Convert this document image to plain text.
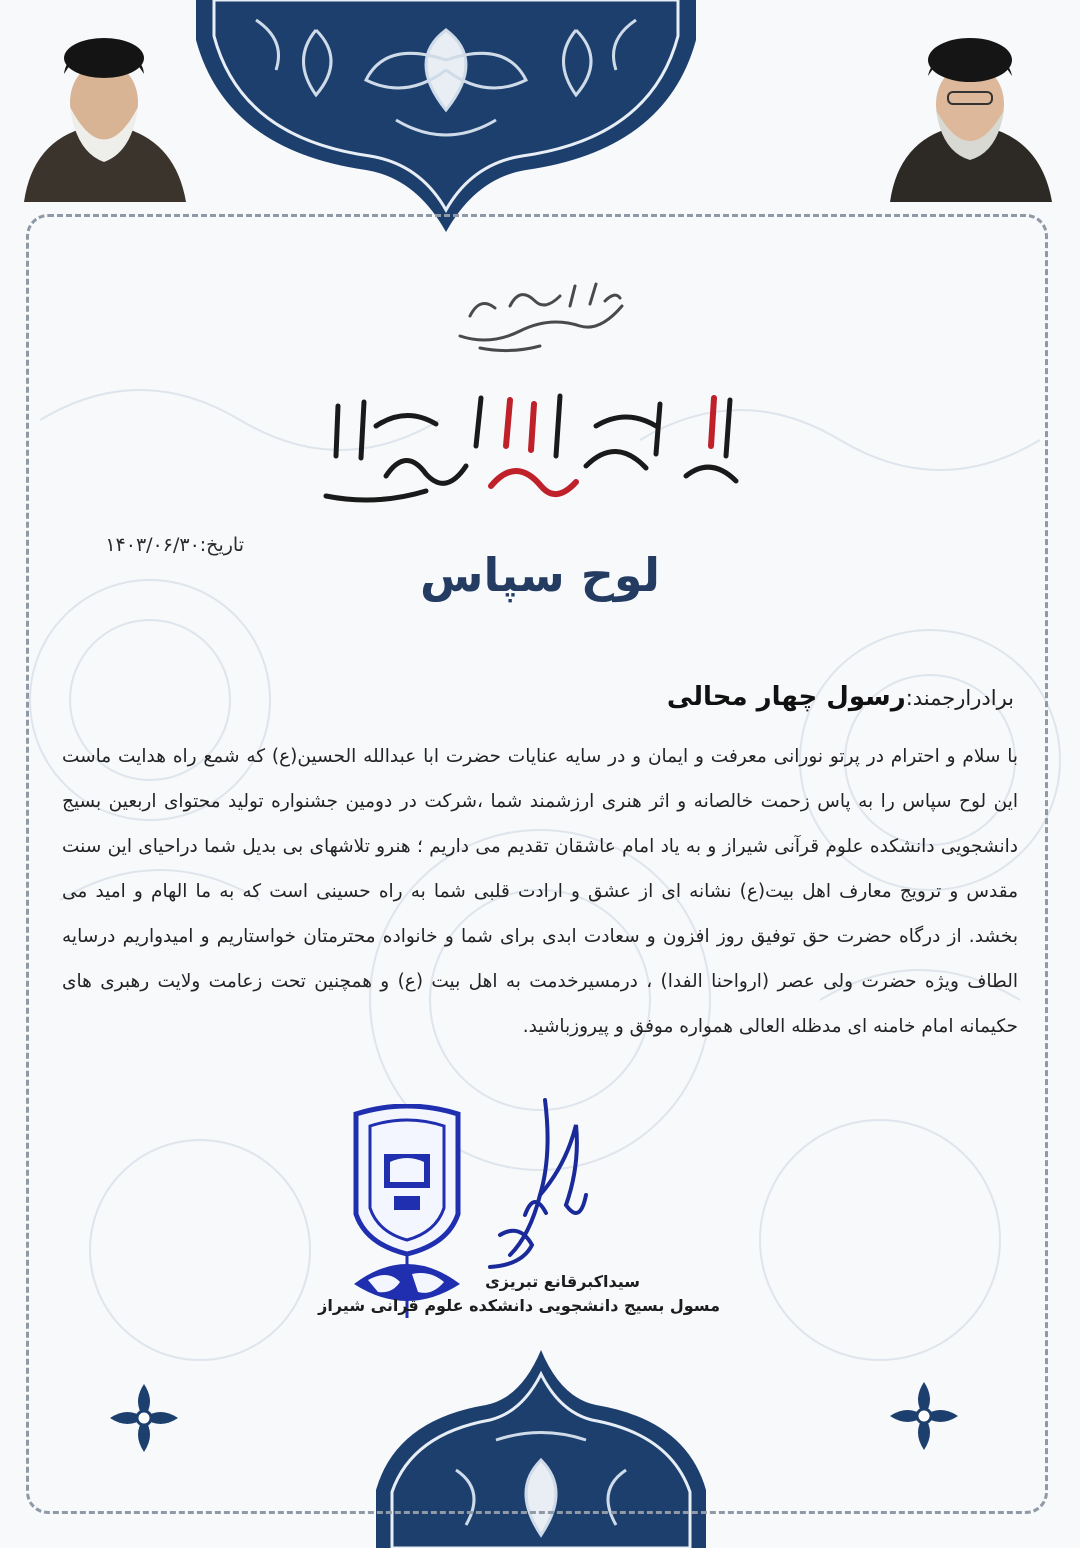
تاریخ:۱۴۰۳/۰۶/۳۰
لوح سپاس
برادرارجمند:رسول چهار محالی
با سلام و احترام در پرتو نورانی معرفت و ایمان و در سایه عنایات حضرت ابا عبدالله الحسین(ع) که شمع راه هدایت ماست این لوح سپاس را به پاس زحمت خالصانه و اثر هنری ارزشمند شما ،شرکت در دومین جشنواره تولید محتوای اربعین بسیج دانشجویی دانشکده علوم قرآنی شیراز و به یاد امام عاشقان تقدیم می داریم ؛ هنرو تلاشهای بی بدیل شما دراحیای این سنت مقدس و ترویج معارف اهل بیت(ع) نشانه ای از عشق و ارادت قلبی شما به راه حسینی است که به ما الهام و امید می بخشد. از درگاه حضرت حق توفیق روز افزون و سعادت ابدی برای شما و خانواده محترمتان خواستاریم و امیدواریم درسایه الطاف ویژه حضرت ولی عصر (ارواحنا الفدا) ، درمسیرخدمت به اهل بیت (ع) و همچنین تحت زعامت ولایت رهبری های حکیمانه امام خامنه ای مدظله العالی همواره موفق و پیروزباشید.
سیداکبرقانع تبریزی
مسول بسیج دانشجویی دانشکده علوم قرانی شیراز
